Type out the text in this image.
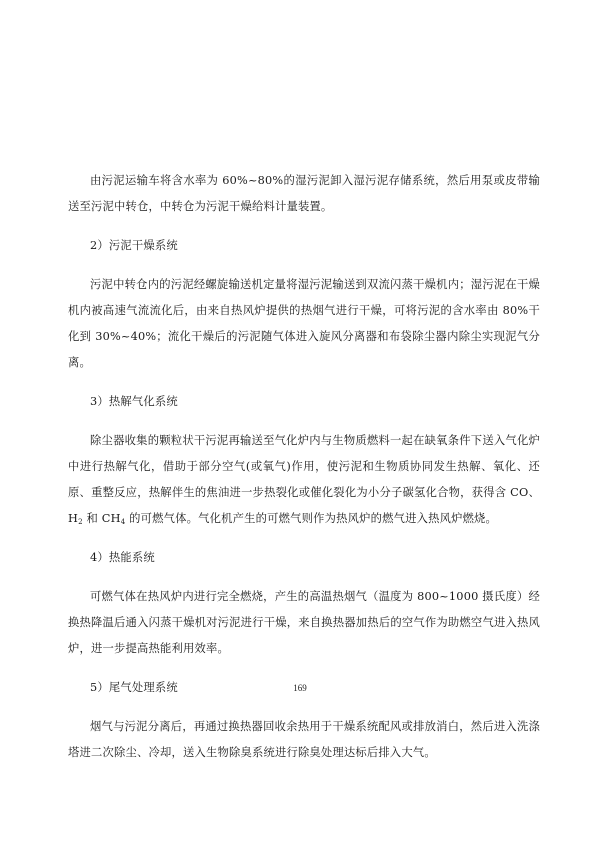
由污泥运输车将含水率为 60%~80%的湿污泥卸入湿污泥存储系统，然后用泵或皮带输送至污泥中转仓，中转仓为污泥干燥给料计量装置。

2）污泥干燥系统

污泥中转仓内的污泥经螺旋输送机定量将湿污泥输送到双流闪蒸干燥机内；湿污泥在干燥机内被高速气流流化后，由来自热风炉提供的热烟气进行干燥，可将污泥的含水率由 80%干化到 30%~40%；流化干燥后的污泥随气体进入旋风分离器和布袋除尘器内除尘实现泥气分离。

3）热解气化系统

除尘器收集的颗粒状干污泥再输送至气化炉内与生物质燃料一起在缺氧条件下送入气化炉中进行热解气化，借助于部分空气(或氧气)作用，使污泥和生物质协同发生热解、氧化、还原、重整反应，热解伴生的焦油进一步热裂化或催化裂化为小分子碳氢化合物，获得含 CO、$H_2$ 和 $CH_4$ 的可燃气体。气化机产生的可燃气则作为热风炉的燃气进入热风炉燃烧。

4）热能系统

可燃气体在热风炉内进行完全燃烧，产生的高温热烟气（温度为 800~1000 摄氏度）经换热降温后通入闪蒸干燥机对污泥进行干燥，来自换热器加热后的空气作为助燃空气进入热风炉，进一步提高热能利用效率。

5）尾气处理系统

烟气与污泥分离后，再通过换热器回收余热用于干燥系统配风或排放消白，然后进入洗涤塔进二次除尘、冷却，送入生物除臭系统进行除臭处理达标后排入大气。

169
